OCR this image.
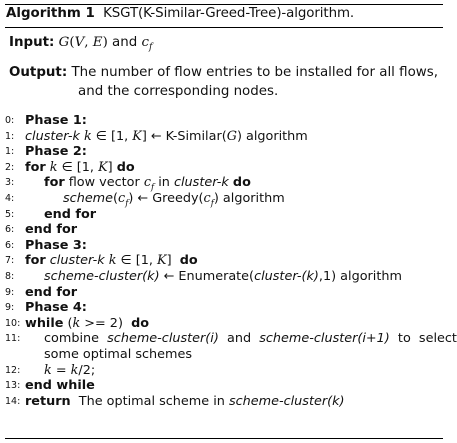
Algorithm 1 KSGT(K-Similar-Greed-Tree)-algorithm.
Input: G(V, E) and $c_f$
Output: The number of flow entries to be installed for all flows,
and the corresponding nodes.
0: Phase 1:
1: cluster-k k ∈ [1, K] ← K-Similar(G) algorithm
1: Phase 2:
2: for k ∈ [1, K] do
3:	for flow vector $c_f$ in cluster-k do
4:	$scheme(c_f)$ ← $Greedy(c_f)$ algorithm
5:	end for
6: end for
6: Phase 3:
7: for cluster-k k ∈ [1, K]  do
8:	scheme-cluster(k) ← Enumerate(cluster-(k),1) algorithm
9: end for
9: Phase 4:
10: while (k >= 2)  do
11: combine  scheme-cluster(i)  and  scheme-cluster(i+1)  to  select
some optimal schemes
12: k = k/2;
13: end while
14: return  The optimal scheme in scheme-cluster(k)
